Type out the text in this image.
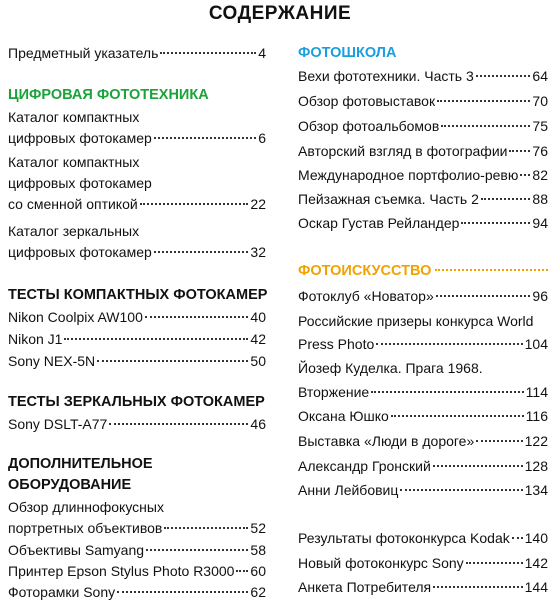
СОДЕРЖАНИЕ
Предметный указатель	4
ЦИФРОВАЯ ФОТОТЕХНИКА
Каталог компактных
цифровых фотокамер	6
Каталог компактных
цифровых фотокамер
со сменной оптикой	22
Каталог зеркальных
цифровых фотокамер	32
ТЕСТЫ КОМПАКТНЫХ ФОТОКАМЕР
Nikon Coolpix AW100	40
Nikon J1	42
Sony NEX-5N	50
ТЕСТЫ ЗЕРКАЛЬНЫХ ФОТОКАМЕР
Sony DSLT-A77	46
ДОПОЛНИТЕЛЬНОЕ
ОБОРУДОВАНИЕ
Обзор длиннофокусных
портретных объективов	52
Объективы Samyang	58
Принтер Epson Stylus Photo R3000 60
Фоторамки Sony	62
ФОТОШКОЛА
Вехи фототехники. Часть 3	64
Обзор фотовыставок	70
Обзор фотоальбомов	75
Авторский взгляд в фотографии 76
Международное портфолио-ревю 82
Пейзажная съемка. Часть 2	88
Оскар Густав Рейландер	94
ФОТОИСКУССТВО
Фотоклуб «Новатор»	96
Российские призеры конкурса World
Press Photo	104
Йозеф Куделка. Прага 1968.
Вторжение	114
Оксана Юшко	116
Выставка «Люди в дороге»	122
Александр Гронский	128
Анни Лейбовиц	134
Результаты фотоконкурса Kodak 140
Новый фотоконкурс Sony	142
Анкета Потребителя	144
